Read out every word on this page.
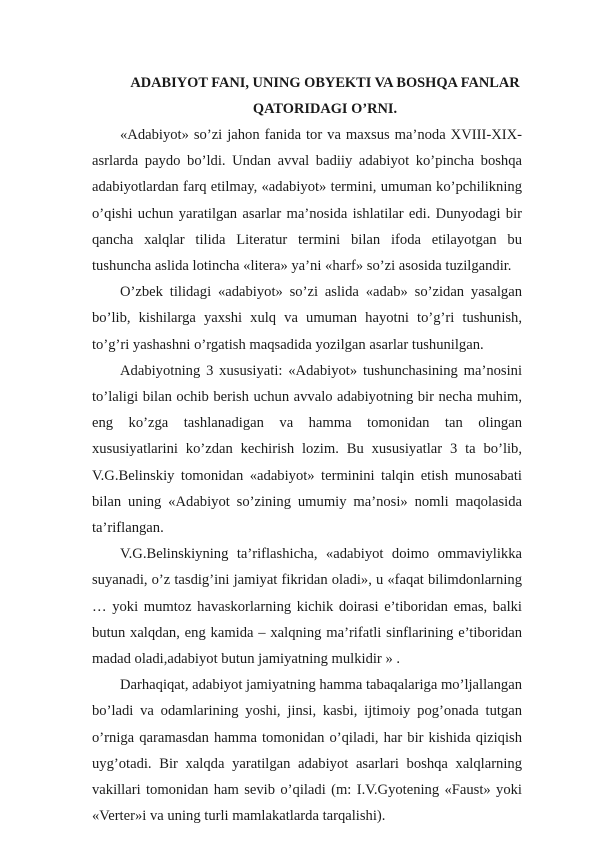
ADABIYOT FANI, UNING OBYEKTI VA BOSHQA FANLAR
QATORIDAGI O’RNI.

«Adabiyot» so’zi jahon fanida tor va maxsus ma’noda XVIII-XIX-asrlarda paydo bo’ldi. Undan avval badiiy adabiyot ko’pincha boshqa adabiyotlardan farq etilmay, «adabiyot» termini, umuman ko’pchilikning o’qishi uchun yaratilgan asarlar ma’nosida ishlatilar edi. Dunyodagi bir qancha xalqlar tilida Literatur termini bilan ifoda etilayotgan bu tushuncha aslida lotincha «litera» ya’ni «harf» so’zi asosida tuzilgandir.

O’zbek tilidagi «adabiyot» so’zi aslida «adab» so’zidan yasalgan bo’lib, kishilarga yaxshi xulq va umuman hayotni to’g’ri tushunish, to’g’ri yashashni o’rgatish maqsadida yozilgan asarlar tushunilgan.

Adabiyotning 3 xususiyati: «Adabiyot» tushunchasining ma’nosini to’laligi bilan ochib berish uchun avvalo adabiyotning bir necha muhim, eng ko’zga tashlanadigan va hamma tomonidan tan olingan xususiyatlarini ko’zdan kechirish lozim. Bu xususiyatlar 3 ta bo’lib, V.G.Belinskiy tomonidan «adabiyot» terminini talqin etish munosabati bilan uning «Adabiyot so’zining umumiy ma’nosi» nomli maqolasida ta’riflangan.

V.G.Belinskiyning ta’riflashicha, «adabiyot doimo ommaviylikka suyanadi, o’z tasdig’ini jamiyat fikridan oladi», u «faqat bilimdonlarning … yoki mumtoz havaskorlarning kichik doirasi e’tiboridan emas, balki butun xalqdan, eng kamida – xalqning ma’rifatli sinflarining e’tiboridan madad oladi,adabiyot butun jamiyatning mulkidir » .

Darhaqiqat, adabiyot jamiyatning hamma tabaqalariga mo’ljallangan bo’ladi va odamlarining yoshi, jinsi, kasbi, ijtimoiy pog’onada tutgan o’rniga qaramasdan hamma tomonidan o’qiladi, har bir kishida qiziqish uyg’otadi. Bir xalqda yaratilgan adabiyot asarlari boshqa xalqlarning vakillari tomonidan ham sevib o’qiladi (m: I.V.Gyotening «Faust» yoki «Verter»i va uning turli mamlakatlarda tarqalishi).
